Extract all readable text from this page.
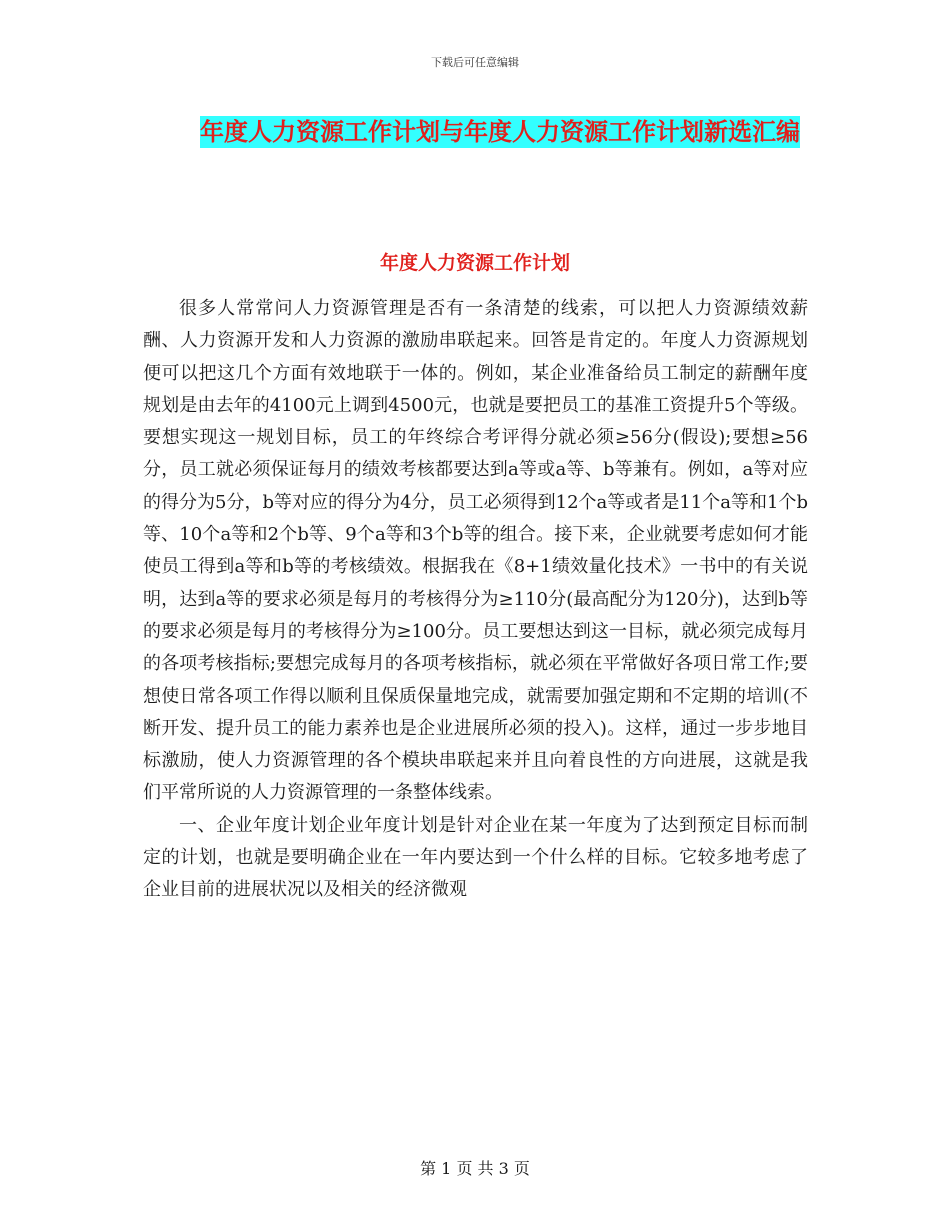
下载后可任意编辑
年度人力资源工作计划与年度人力资源工作计划新选汇编
年度人力资源工作计划

很多人常常问人力资源管理是否有一条清楚的线索，可以把人力资源绩效薪酬、人力资源开发和人力资源的激励串联起来。回答是肯定的。年度人力资源规划便可以把这几个方面有效地联于一体的。例如，某企业准备给员工制定的薪酬年度规划是由去年的4100元上调到4500元，也就是要把员工的基准工资提升5个等级。要想实现这一规划目标，员工的年终综合考评得分就必须≥56分(假设);要想≥56分，员工就必须保证每月的绩效考核都要达到a等或a等、b等兼有。例如，a等对应的得分为5分，b等对应的得分为4分，员工必须得到12个a等或者是11个a等和1个b等、10个a等和2个b等、9个a等和3个b等的组合。接下来，企业就要考虑如何才能使员工得到a等和b等的考核绩效。根据我在《8+1绩效量化技术》一书中的有关说明，达到a等的要求必须是每月的考核得分为≥110分(最高配分为120分)，达到b等的要求必须是每月的考核得分为≥100分。员工要想达到这一目标，就必须完成每月的各项考核指标;要想完成每月的各项考核指标，就必须在平常做好各项日常工作;要想使日常各项工作得以顺利且保质保量地完成，就需要加强定期和不定期的培训(不断开发、提升员工的能力素养也是企业进展所必须的投入)。这样，通过一步步地目标激励，使人力资源管理的各个模块串联起来并且向着良性的方向进展，这就是我们平常所说的人力资源管理的一条整体线索。

一、企业年度计划企业年度计划是针对企业在某一年度为了达到预定目标而制定的计划，也就是要明确企业在一年内要达到一个什么样的目标。它较多地考虑了企业目前的进展状况以及相关的经济微观

第 1 页 共 3 页
